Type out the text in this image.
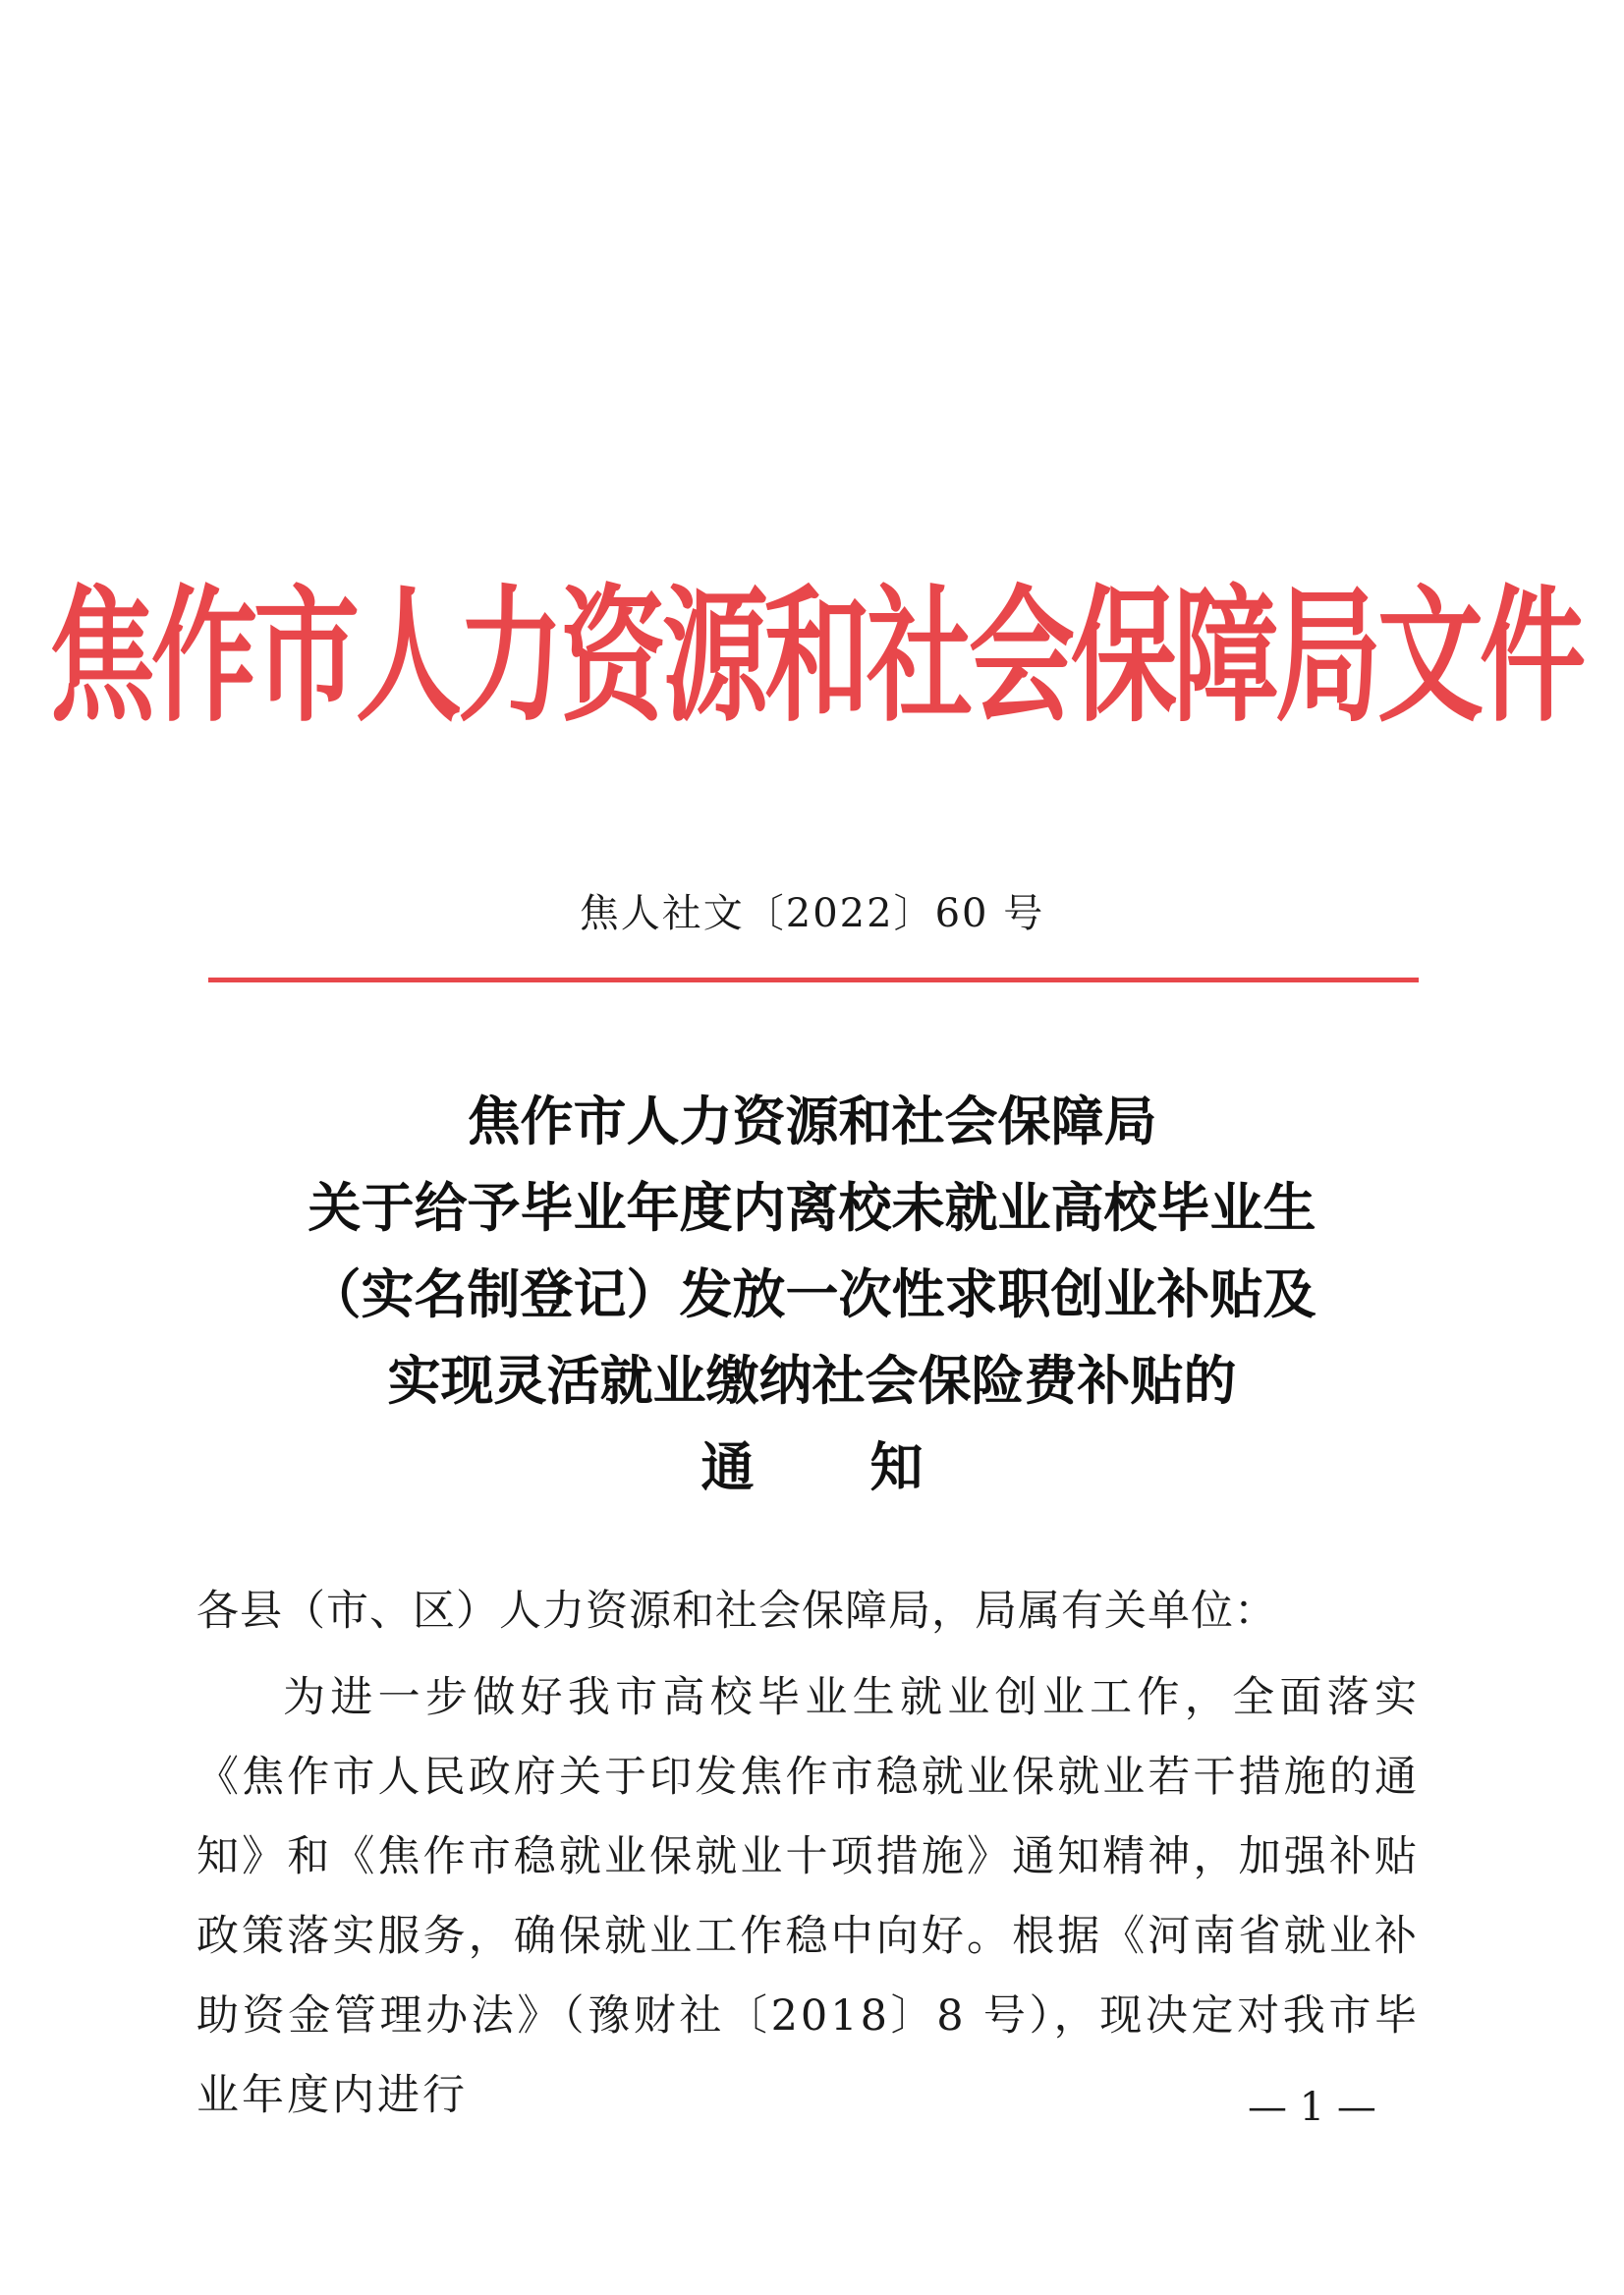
焦作市人力资源和社会保障局文件
焦人社文〔2022〕60 号
焦作市人力资源和社会保障局
关于给予毕业年度内离校未就业高校毕业生
（实名制登记）发放一次性求职创业补贴及
实现灵活就业缴纳社会保险费补贴的
通知
各县（市、区）人力资源和社会保障局，局属有关单位：

为进一步做好我市高校毕业生就业创业工作，全面落实《焦作市人民政府关于印发焦作市稳就业保就业若干措施的通知》和《焦作市稳就业保就业十项措施》通知精神，加强补贴政策落实服务，确保就业工作稳中向好。根据《河南省就业补助资金管理办法》（豫财社〔2018〕8 号），现决定对我市毕业年度内进行	— 1 —
